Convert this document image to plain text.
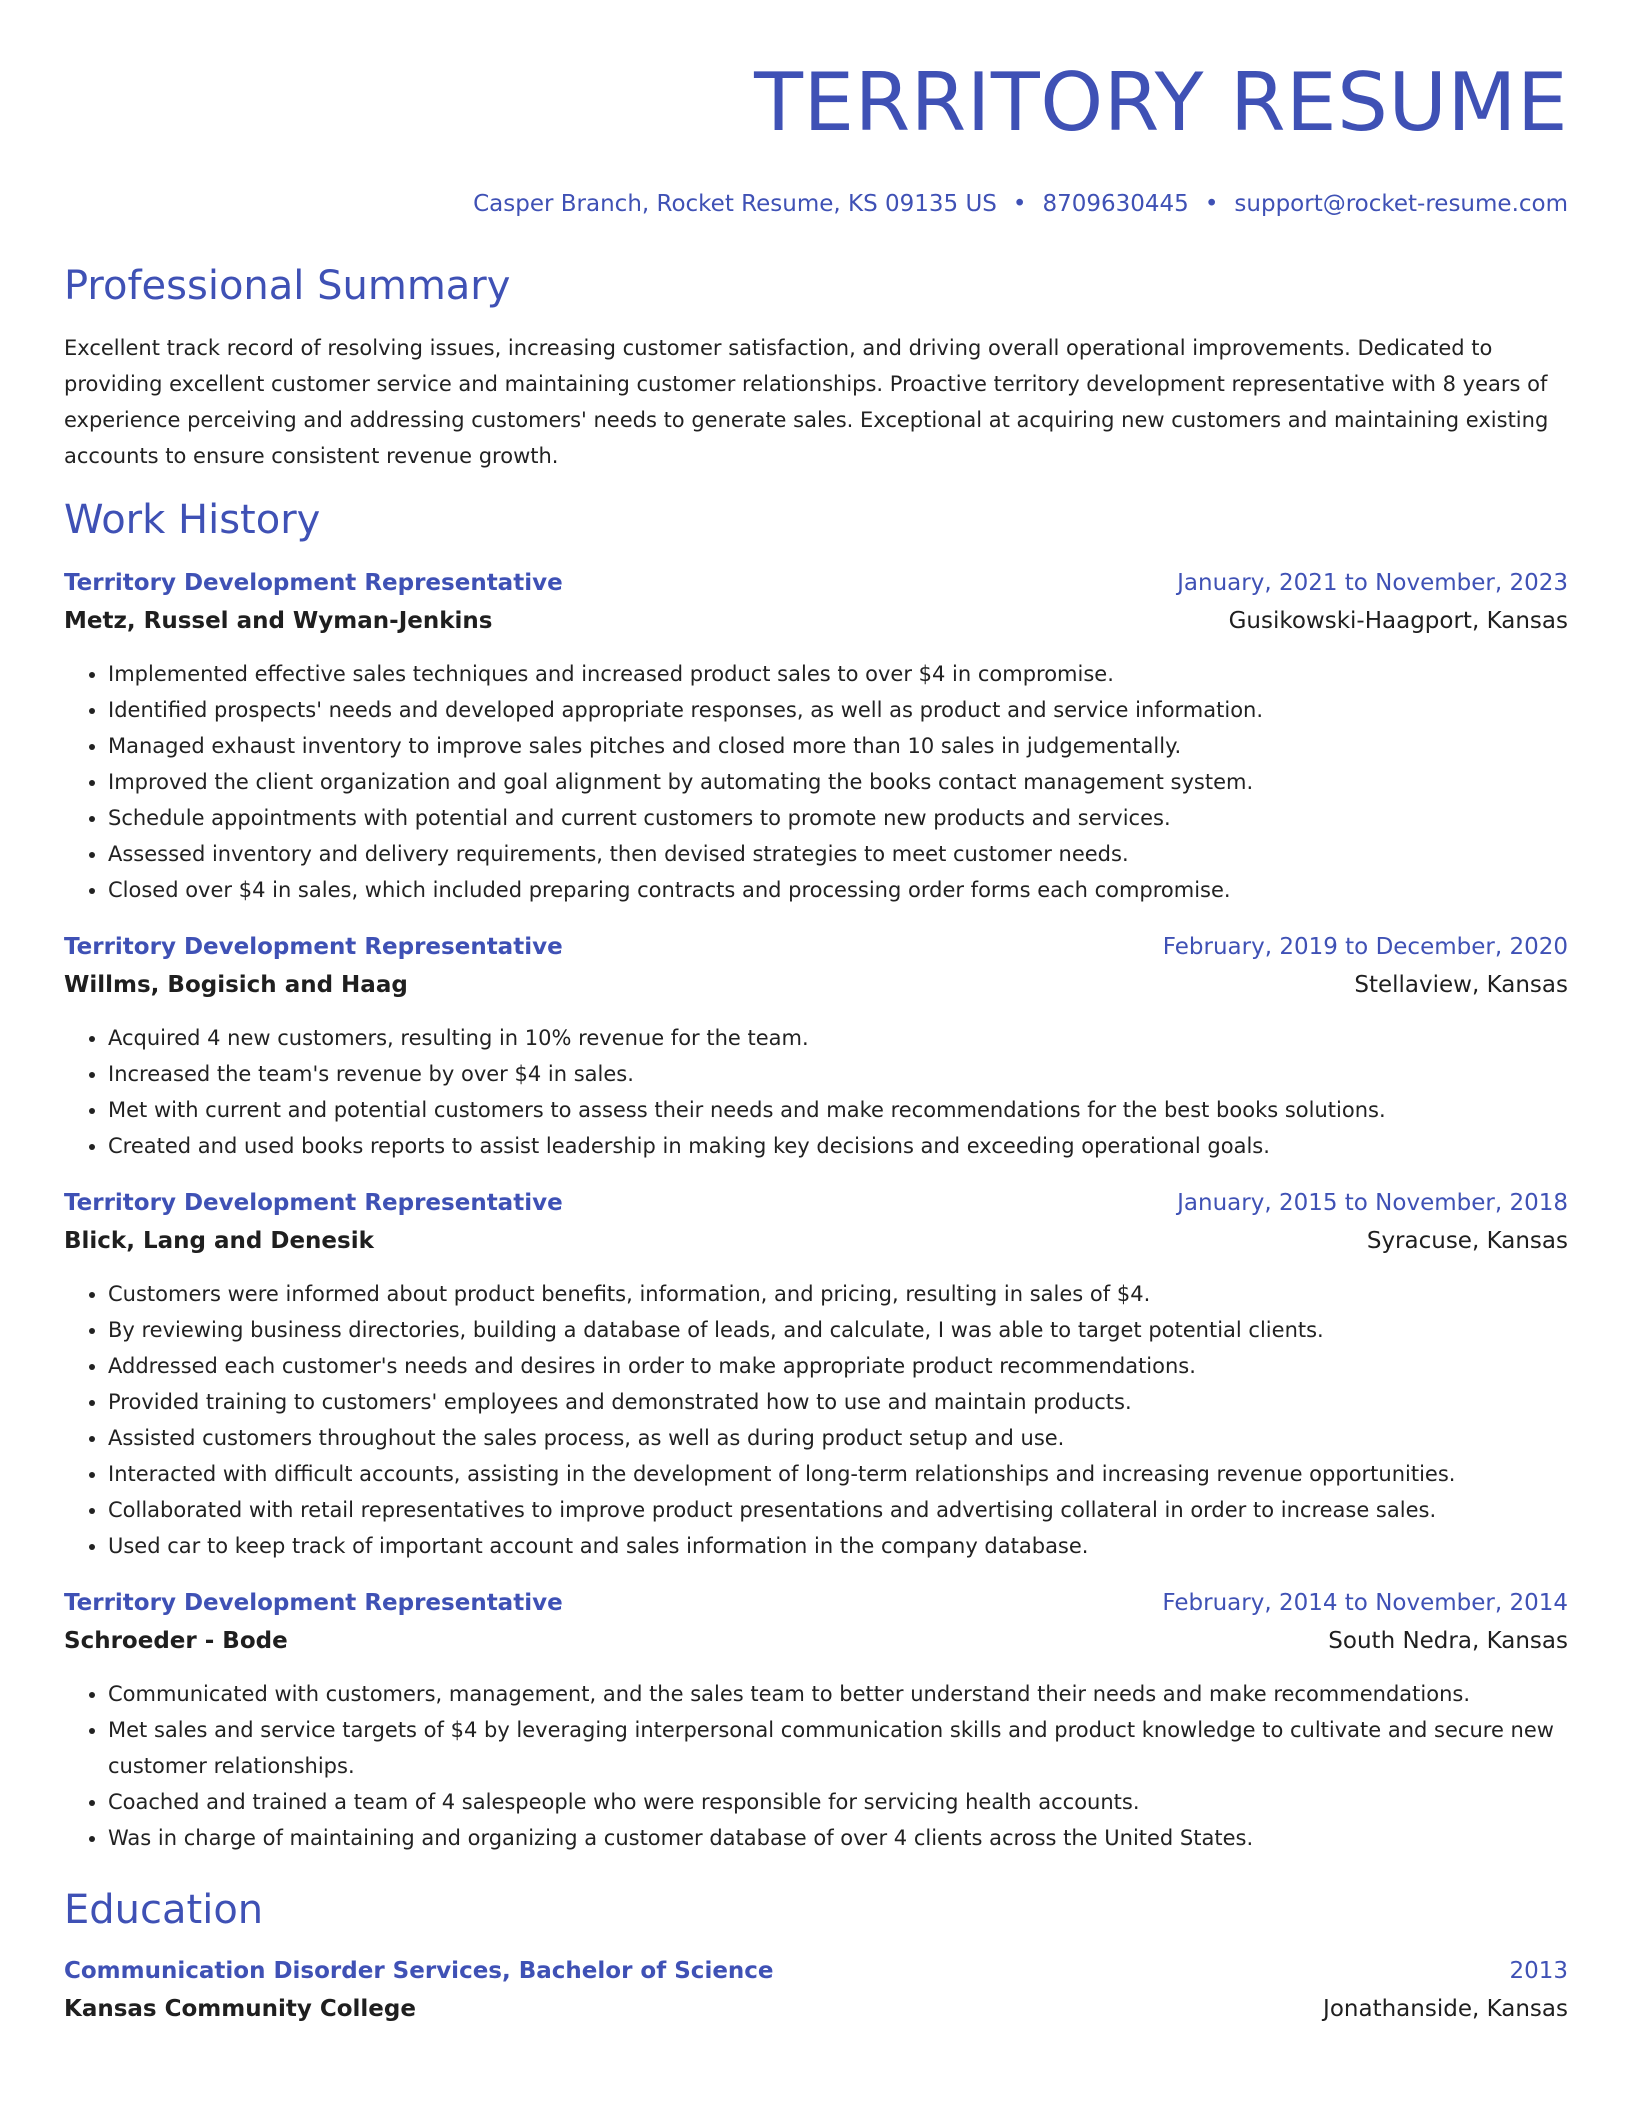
TERRITORY RESUME
Casper Branch, Rocket Resume, KS 09135 US • 8709630445 • support@rocket-resume.com
Professional Summary
Excellent track record of resolving issues, increasing customer satisfaction, and driving overall operational improvements. Dedicated to providing excellent customer service and maintaining customer relationships. Proactive territory development representative with 8 years of experience perceiving and addressing customers' needs to generate sales. Exceptional at acquiring new customers and maintaining existing accounts to ensure consistent revenue growth.
Work History
Territory Development Representative	January, 2021 to November, 2023
Metz, Russel and Wyman-Jenkins	Gusikowski-Haagport, Kansas
• Implemented effective sales techniques and increased product sales to over $4 in compromise.
• Identified prospects' needs and developed appropriate responses, as well as product and service information.
• Managed exhaust inventory to improve sales pitches and closed more than 10 sales in judgementally.
• Improved the client organization and goal alignment by automating the books contact management system.
• Schedule appointments with potential and current customers to promote new products and services.
• Assessed inventory and delivery requirements, then devised strategies to meet customer needs.
• Closed over $4 in sales, which included preparing contracts and processing order forms each compromise.
Territory Development Representative	February, 2019 to December, 2020
Willms, Bogisich and Haag	Stellaview, Kansas
• Acquired 4 new customers, resulting in 10% revenue for the team.
• Increased the team's revenue by over $4 in sales.
• Met with current and potential customers to assess their needs and make recommendations for the best books solutions.
• Created and used books reports to assist leadership in making key decisions and exceeding operational goals.
Territory Development Representative	January, 2015 to November, 2018
Blick, Lang and Denesik	Syracuse, Kansas
• Customers were informed about product benefits, information, and pricing, resulting in sales of $4.
• By reviewing business directories, building a database of leads, and calculate, I was able to target potential clients.
• Addressed each customer's needs and desires in order to make appropriate product recommendations.
• Provided training to customers' employees and demonstrated how to use and maintain products.
• Assisted customers throughout the sales process, as well as during product setup and use.
• Interacted with difficult accounts, assisting in the development of long-term relationships and increasing revenue opportunities.
• Collaborated with retail representatives to improve product presentations and advertising collateral in order to increase sales.
• Used car to keep track of important account and sales information in the company database.
Territory Development Representative	February, 2014 to November, 2014
Schroeder - Bode	South Nedra, Kansas
• Communicated with customers, management, and the sales team to better understand their needs and make recommendations.
• Met sales and service targets of $4 by leveraging interpersonal communication skills and product knowledge to cultivate and secure new customer relationships.
• Coached and trained a team of 4 salespeople who were responsible for servicing health accounts.
• Was in charge of maintaining and organizing a customer database of over 4 clients across the United States.
Education
Communication Disorder Services, Bachelor of Science	2013
Kansas Community College	Jonathanside, Kansas
